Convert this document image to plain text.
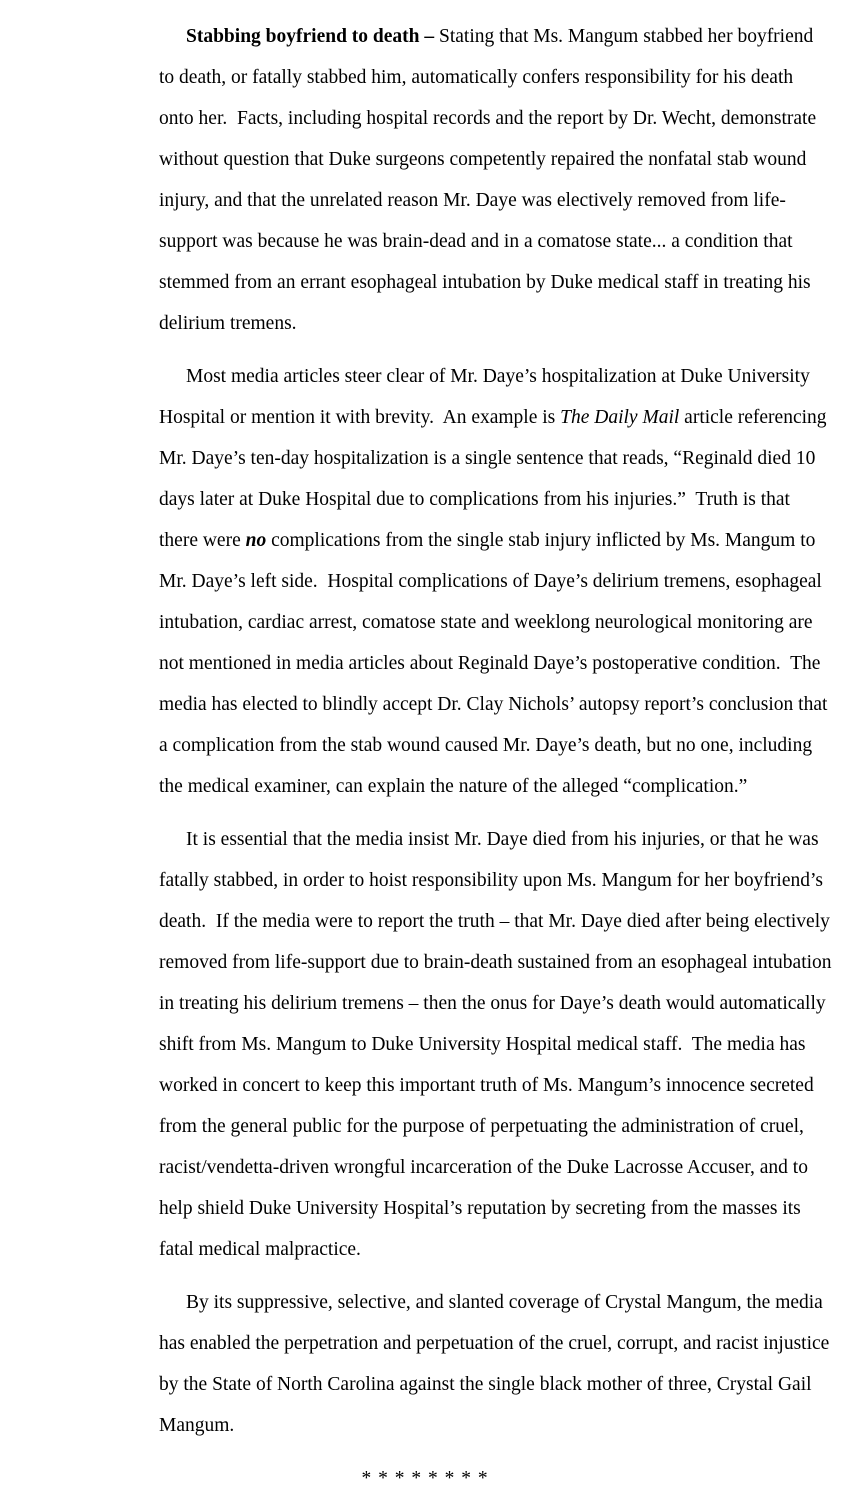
Stabbing boyfriend to death – Stating that Ms. Mangum stabbed her boyfriend
to death, or fatally stabbed him, automatically confers responsibility for his death
onto her.  Facts, including hospital records and the report by Dr. Wecht, demonstrate
without question that Duke surgeons competently repaired the nonfatal stab wound
injury, and that the unrelated reason Mr. Daye was electively removed from life-
support was because he was brain-dead and in a comatose state... a condition that
stemmed from an errant esophageal intubation by Duke medical staff in treating his
delirium tremens.
Most media articles steer clear of Mr. Daye’s hospitalization at Duke University
Hospital or mention it with brevity.  An example is The Daily Mail article referencing
Mr. Daye’s ten-day hospitalization is a single sentence that reads, “Reginald died 10
days later at Duke Hospital due to complications from his injuries.”  Truth is that
there were no complications from the single stab injury inflicted by Ms. Mangum to
Mr. Daye’s left side.  Hospital complications of Daye’s delirium tremens, esophageal
intubation, cardiac arrest, comatose state and weeklong neurological monitoring are
not mentioned in media articles about Reginald Daye’s postoperative condition.  The
media has elected to blindly accept Dr. Clay Nichols’ autopsy report’s conclusion that
a complication from the stab wound caused Mr. Daye’s death, but no one, including
the medical examiner, can explain the nature of the alleged “complication.”
It is essential that the media insist Mr. Daye died from his injuries, or that he was
fatally stabbed, in order to hoist responsibility upon Ms. Mangum for her boyfriend’s
death.  If the media were to report the truth – that Mr. Daye died after being electively
removed from life-support due to brain-death sustained from an esophageal intubation
in treating his delirium tremens – then the onus for Daye’s death would automatically
shift from Ms. Mangum to Duke University Hospital medical staff.  The media has
worked in concert to keep this important truth of Ms. Mangum’s innocence secreted
from the general public for the purpose of perpetuating the administration of cruel,
racist/vendetta-driven wrongful incarceration of the Duke Lacrosse Accuser, and to
help shield Duke University Hospital’s reputation by secreting from the masses its
fatal medical malpractice.
By its suppressive, selective, and slanted coverage of Crystal Mangum, the media
has enabled the perpetration and perpetuation of the cruel, corrupt, and racist injustice
by the State of North Carolina against the single black mother of three, Crystal Gail
Mangum.
* * * * * * * *
